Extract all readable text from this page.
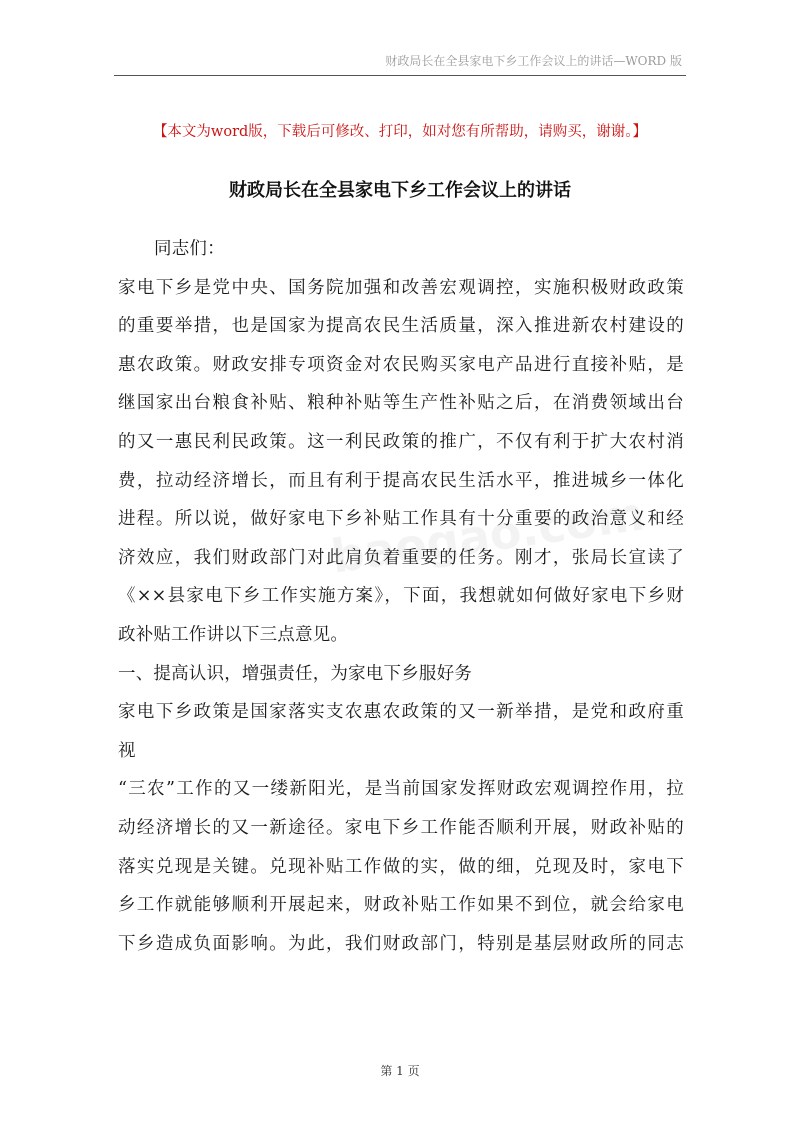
财政局长在全县家电下乡工作会议上的讲话—WORD 版
【本文为word版，下载后可修改、打印，如对您有所帮助，请购买，谢谢。】
财政局长在全县家电下乡工作会议上的讲话
同志们：
家电下乡是党中央、国务院加强和改善宏观调控，实施积极财政政策
的重要举措，也是国家为提高农民生活质量，深入推进新农村建设的
惠农政策。财政安排专项资金对农民购买家电产品进行直接补贴，是
继国家出台粮食补贴、粮种补贴等生产性补贴之后，在消费领域出台
的又一惠民利民政策。这一利民政策的推广，不仅有利于扩大农村消
费，拉动经济增长，而且有利于提高农民生活水平，推进城乡一体化
进程。所以说，做好家电下乡补贴工作具有十分重要的政治意义和经
济效应，我们财政部门对此肩负着重要的任务。刚才，张局长宣读了
《××县家电下乡工作实施方案》，下面，我想就如何做好家电下乡财
政补贴工作讲以下三点意见。
一、提高认识，增强责任，为家电下乡服好务
家电下乡政策是国家落实支农惠农政策的又一新举措，是党和政府重
视
“三农”工作的又一缕新阳光，是当前国家发挥财政宏观调控作用，拉
动经济增长的又一新途径。家电下乡工作能否顺利开展，财政补贴的
落实兑现是关键。兑现补贴工作做的实，做的细，兑现及时，家电下
乡工作就能够顺利开展起来，财政补贴工作如果不到位，就会给家电
下乡造成负面影响。为此，我们财政部门，特别是基层财政所的同志
第 1 页
